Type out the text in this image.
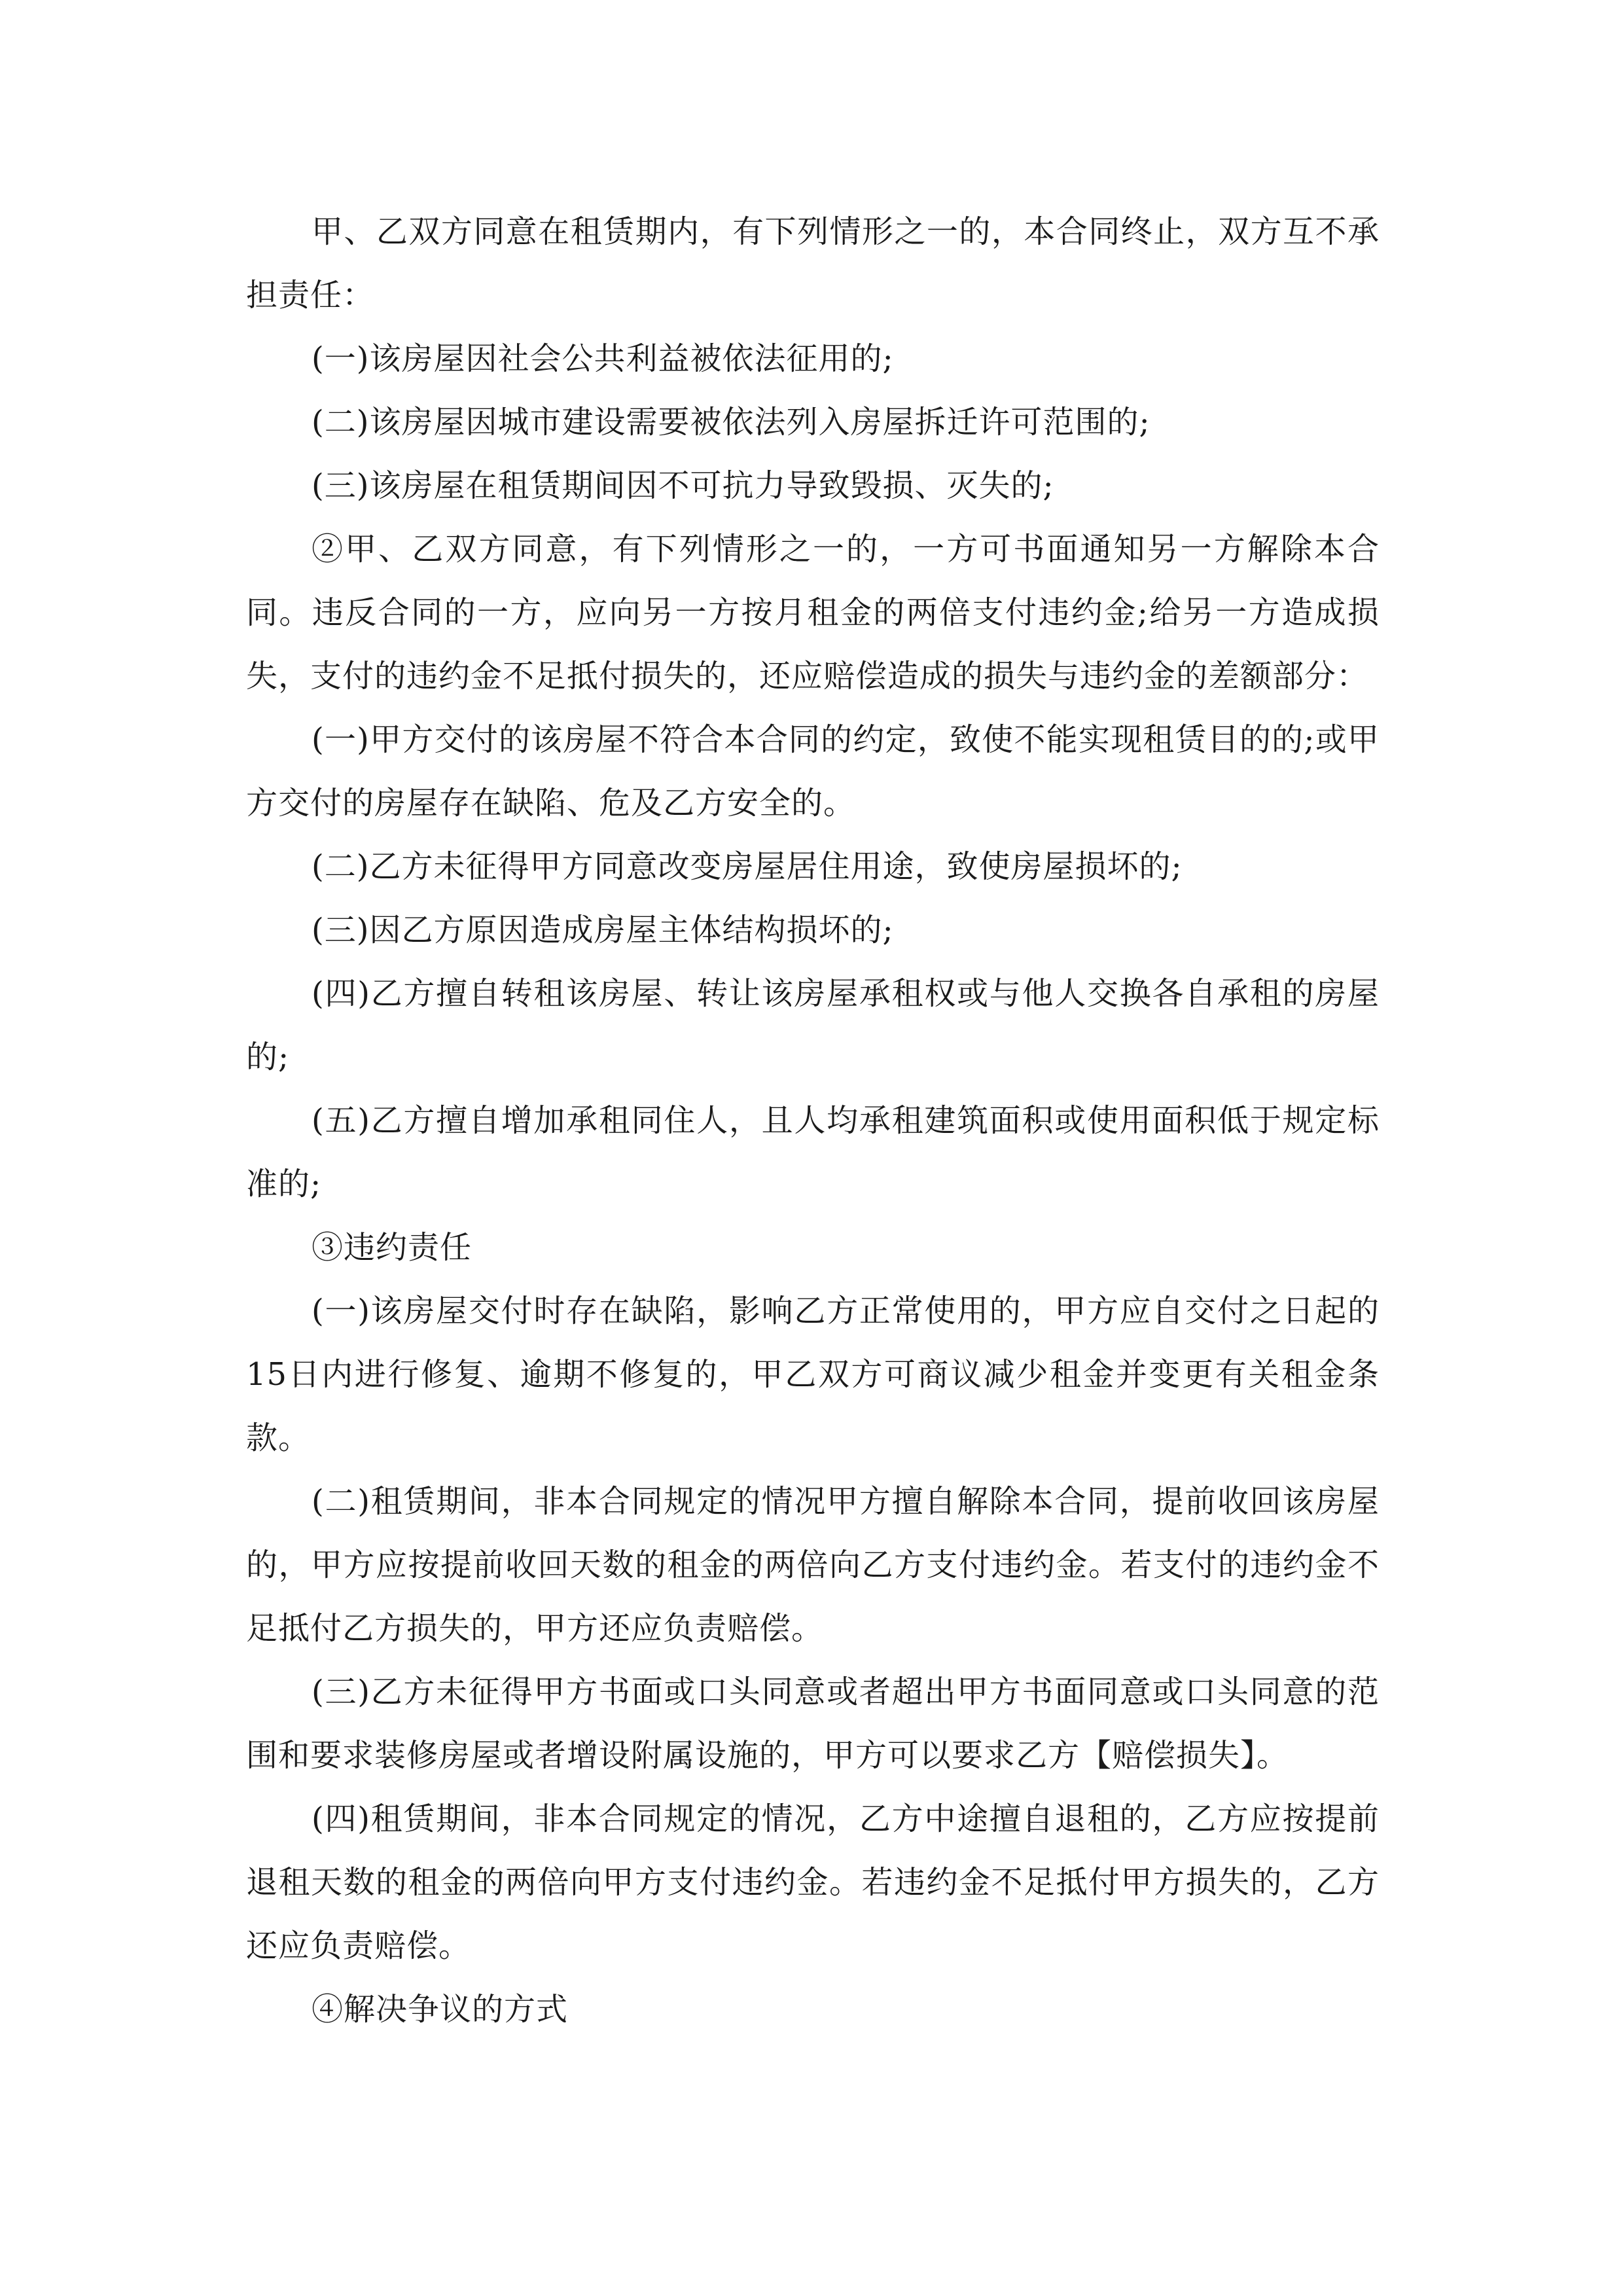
甲、乙双方同意在租赁期内，有下列情形之一的，本合同终止，双方互不承担责任：

(一)该房屋因社会公共利益被依法征用的;

(二)该房屋因城市建设需要被依法列入房屋拆迁许可范围的;

(三)该房屋在租赁期间因不可抗力导致毁损、灭失的;

②甲、乙双方同意，有下列情形之一的，一方可书面通知另一方解除本合同。违反合同的一方，应向另一方按月租金的两倍支付违约金;给另一方造成损失，支付的违约金不足抵付损失的，还应赔偿造成的损失与违约金的差额部分：

(一)甲方交付的该房屋不符合本合同的约定，致使不能实现租赁目的的;或甲方交付的房屋存在缺陷、危及乙方安全的。

(二)乙方未征得甲方同意改变房屋居住用途，致使房屋损坏的;

(三)因乙方原因造成房屋主体结构损坏的;

(四)乙方擅自转租该房屋、转让该房屋承租权或与他人交换各自承租的房屋的;

(五)乙方擅自增加承租同住人，且人均承租建筑面积或使用面积低于规定标准的;

③违约责任

(一)该房屋交付时存在缺陷，影响乙方正常使用的，甲方应自交付之日起的15日内进行修复、逾期不修复的，甲乙双方可商议减少租金并变更有关租金条款。

(二)租赁期间，非本合同规定的情况甲方擅自解除本合同，提前收回该房屋的，甲方应按提前收回天数的租金的两倍向乙方支付违约金。若支付的违约金不足抵付乙方损失的，甲方还应负责赔偿。

(三)乙方未征得甲方书面或口头同意或者超出甲方书面同意或口头同意的范围和要求装修房屋或者增设附属设施的，甲方可以要求乙方【赔偿损失】。

(四)租赁期间，非本合同规定的情况，乙方中途擅自退租的，乙方应按提前退租天数的租金的两倍向甲方支付违约金。若违约金不足抵付甲方损失的，乙方还应负责赔偿。

④解决争议的方式
